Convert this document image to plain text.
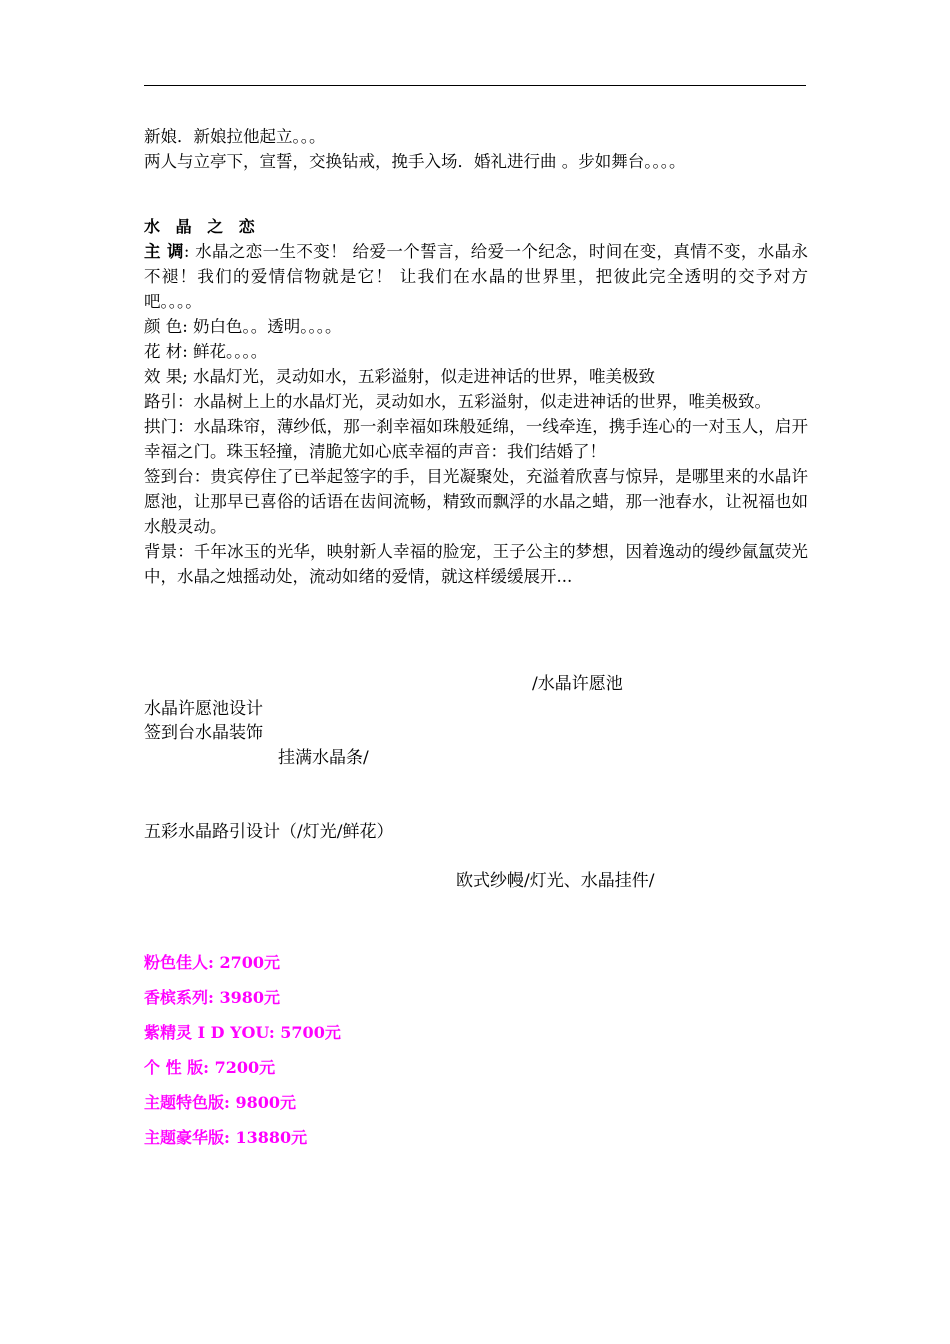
新娘．新娘拉他起立。。。

两人与立亭下，宣誓，交换钻戒，挽手入场．婚礼进行曲 。步如舞台。。。。

水 晶 之 恋

主 调: 水晶之恋一生不变！ 给爱一个誓言，给爱一个纪念，时间在变，真情不变，水晶永不褪！我们的爱情信物就是它！ 让我们在水晶的世界里，把彼此完全透明的交予对方吧。。。。

颜 色: 奶白色。。透明。。。。

花 材: 鲜花。。。。

效 果; 水晶灯光，灵动如水，五彩溢射，似走进神话的世界，唯美极致

路引：水晶树上上的水晶灯光，灵动如水，五彩溢射，似走进神话的世界，唯美极致。

拱门：水晶珠帘，薄纱低，那一刹幸福如珠般延绵，一线牵连，携手连心的一对玉人，启开幸福之门。珠玉轻撞，清脆尤如心底幸福的声音：我们结婚了！

签到台：贵宾停住了已举起签字的手，目光凝聚处，充溢着欣喜与惊异，是哪里来的水晶许愿池，让那早已喜俗的话语在齿间流畅，精致而飘浮的水晶之蜡，那一池春水，让祝福也如水般灵动。

背景：千年冰玉的光华，映射新人幸福的脸宠，王子公主的梦想，因着逸动的缦纱氤氲荧光中，水晶之烛摇动处，流动如绪的爱情，就这样缓缓展开...

/水晶许愿池
水晶许愿池设计
签到台水晶装饰
挂满水晶条/
五彩水晶路引设计（/灯光/鲜花）
欧式纱幔/灯光、水晶挂件/
粉色佳人: 2700元
香槟系列: 3980元
紫精灵 I D YOU: 5700元
个 性 版: 7200元
主题特色版: 9800元
主题豪华版: 13880元
